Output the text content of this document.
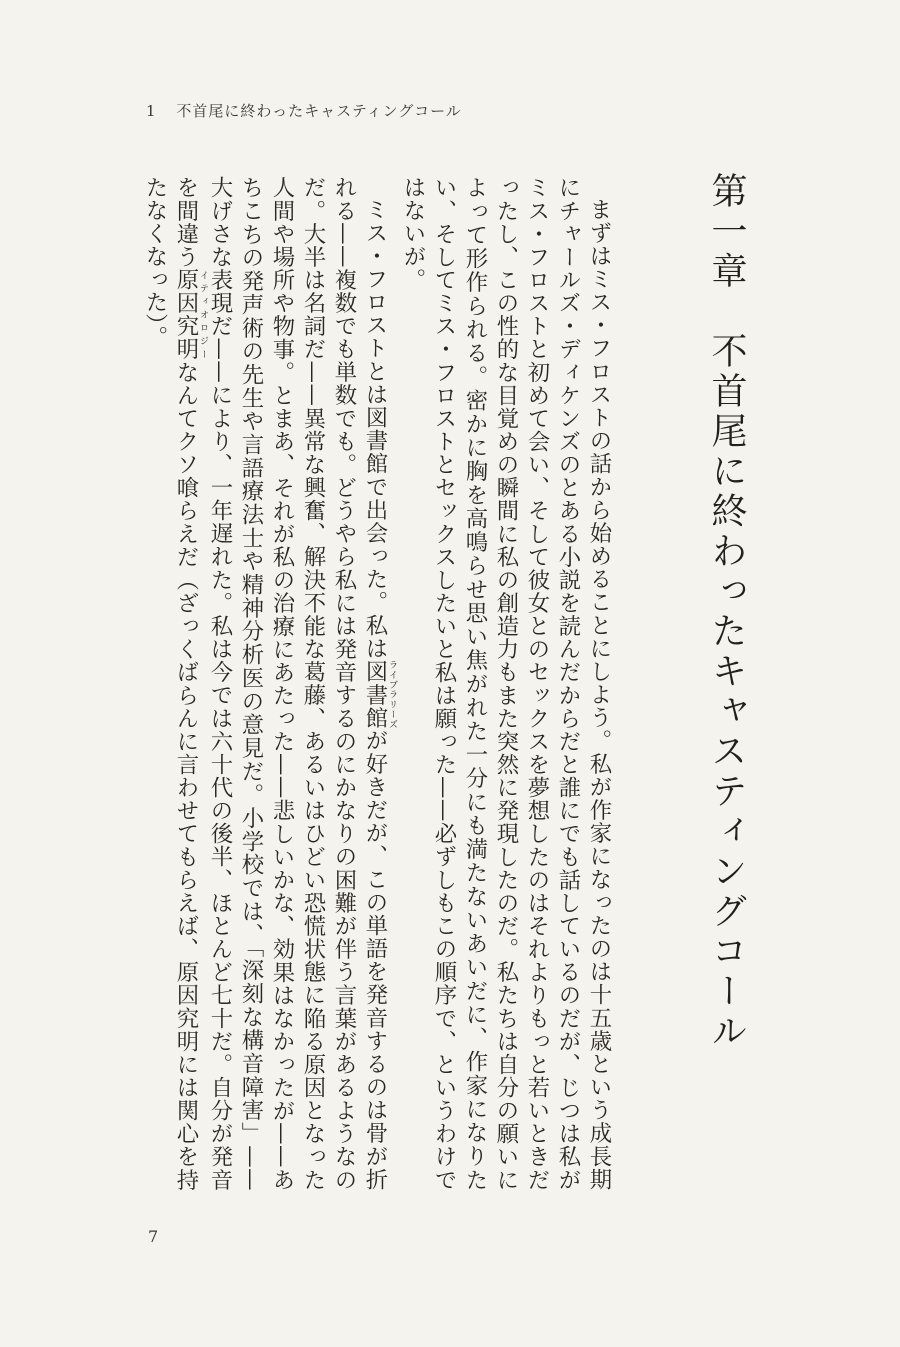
1 不首尾に終わったキャスティングコール
第一章　不首尾に終わったキャスティングコール

まずはミス・フロストの話から始めることにしよう。私が作家になったのは十五歳という成長期にチャールズ・ディケンズのとある小説を読んだからだと誰にでも話しているのだが、じつは私がミス・フロストと初めて会い、そして彼女とのセックスを夢想したのはそれよりもっと若いときだったし、この性的な目覚めの瞬間に私の創造力もまた突然に発現したのだ。私たちは自分の願いによって形作られる。密かに胸を高鳴らせ思い焦がれた一分にも満たないあいだに、作家になりたい、そしてミス・フロストとセックスしたいと私は願った——必ずしもこの順序で、というわけではないが。

ミス・フロストとは図書館で出会った。私は図書館 ライブラリーズが好きだが、この単語を発音するのは骨が折れる——複数でも単数でも。どうやら私には発音するのにかなりの困難が伴う言葉があるようなのだ。大半は名詞だ——異常な興奮、解決不能な葛藤、あるいはひどい恐慌状態に陥る原因となった人間や場所や物事。とまあ、それが私の治療にあたった——悲しいかな、効果はなかったが——あちこちの発声術の先生や言語療法士や精神分析医の意見だ。小学校では、「深刻な構音障害」——大げさな表現だ——により、一年遅れた。私は今では六十代の後半、ほとんど七十だ。自分が発音を間違う原因究明 イティオロジーなんてクソ喰らえだ（ざっくばらんに言わせてもらえば、原因究明には関心を持たなくなった）。

7
